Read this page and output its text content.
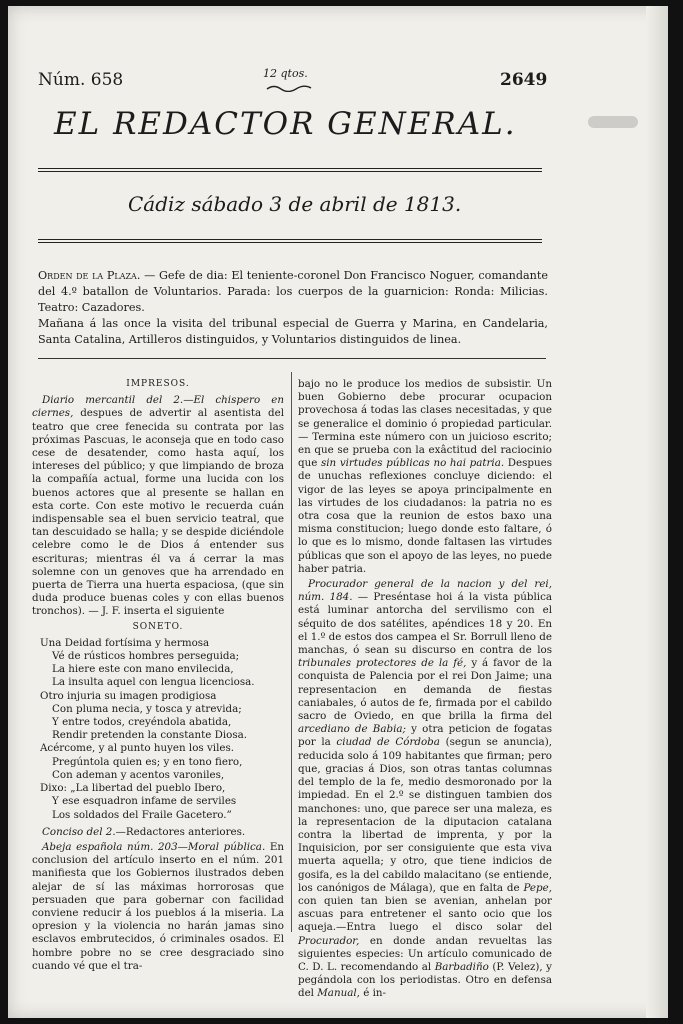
Núm. 658	12 qtos.	2649
EL REDACTOR GENERAL.
Cádiz sábado 3 de abril de 1813.
Orden de la Plaza. — Gefe de dia: El teniente-coronel Don Francisco Noguer, comandante del 4.º batallon de Voluntarios. Parada: los cuerpos de la guarnicion: Ronda: Milicias. Teatro: Cazadores.
Mañana á las once la visita del tribunal especial de Guerra y Marina, en Candelaria, Santa Catalina, Artilleros distinguidos, y Voluntarios distinguidos de linea.
IMPRESOS.

Diario mercantil del 2.—El chispero en ciernes, despues de advertir al asentista del teatro que cree fenecida su contrata por las próximas Pascuas, le aconseja que en todo caso cese de desatender, como hasta aquí, los intereses del público; y que limpiando de broza la compañía actual, forme una lucida con los buenos actores que al presente se hallan en esta corte. Con este motivo le recuerda cuán indispensable sea el buen servicio teatral, que tan descuidado se halla; y se despide diciéndole celebre como le de Dios á entender sus escrituras; mientras él va á cerrar la mas solemne con un genoves que ha arrendado en puerta de Tierra una huerta espaciosa, (que sin duda produce buenas coles y con ellas buenos tronchos). — J. F. inserta el siguiente

SONETO.
Una Deidad fortísima y hermosa
Vé de rústicos hombres perseguida;
La hiere este con mano envilecida,
La insulta aquel con lengua licenciosa.
Otro injuria su imagen prodigiosa
Con pluma necia, y tosca y atrevida;
Y entre todos, creyéndola abatida,
Rendir pretenden la constante Diosa.
Acércome, y al punto huyen los viles.
Pregúntola quien es; y en tono fiero,
Con ademan y acentos varoniles,
Dixo: „La libertad del pueblo Ibero,
Y ese esquadron infame de serviles
Los soldados del Fraile Gacetero.”

Conciso del 2.—Redactores anteriores.

Abeja española núm. 203—Moral pública. En conclusion del artículo inserto en el núm. 201 manifiesta que los Gobiernos ilustrados deben alejar de sí las máximas horrorosas que persuaden que para gobernar con facilidad conviene reducir á los pueblos á la miseria. La opresion y la violencia no harán jamas sino esclavos embrutecidos, ó criminales osados. El hombre pobre no se cree desgraciado sino cuando vé que el tra-

bajo no le produce los medios de subsistir. Un buen Gobierno debe procurar ocupacion provechosa á todas las clases necesitadas, y que se generalice el dominio ó propiedad particular. — Termina este número con un juicioso escrito; en que se prueba con la exâctitud del raciocinio que sin virtudes públicas no hai patria. Despues de unuchas reflexiones concluye diciendo: el vigor de las leyes se apoya principalmente en las virtudes de los ciudadanos: la patria no es otra cosa que la reunion de estos baxo una misma constitucion; luego donde esto faltare, ó lo que es lo mismo, donde faltasen las virtudes públicas que son el apoyo de las leyes, no puede haber patria.

Procurador general de la nacion y del rei, núm. 184. — Preséntase hoi á la vista pública está luminar antorcha del servilismo con el séquito de dos satélites, apéndices 18 y 20. En el 1.º de estos dos campea el Sr. Borrull lleno de manchas, ó sean su discurso en contra de los tribunales protectores de la fé, y á favor de la conquista de Palencia por el rei Don Jaime; una representacion en demanda de fiestas caniabales, ó autos de fe, firmada por el cabildo sacro de Oviedo, en que brilla la firma del arcediano de Babia; y otra peticion de fogatas por la ciudad de Córdoba (segun se anuncia), reducida solo á 109 habitantes que firman; pero que, gracias á Dios, son otras tantas columnas del templo de la fe, medio desmoronado por la impiedad. En el 2.º se distinguen tambien dos manchones: uno, que parece ser una maleza, es la representacion de la diputacion catalana contra la libertad de imprenta, y por la Inquisicion, por ser consiguiente que esta viva muerta aquella; y otro, que tiene indicios de gosifa, es la del cabildo malacitano (se entiende, los canónigos de Málaga), que en falta de Pepe, con quien tan bien se avenian, anhelan por ascuas para entretener el santo ocio que los aqueja.—Entra luego el disco solar del Procurador, en donde andan revueltas las siguientes especies: Un artículo comunicado de C. D. L. recomendando al Barbadiño (P. Velez), y pegándola con los periodistas. Otro en defensa del Manual, é in-
